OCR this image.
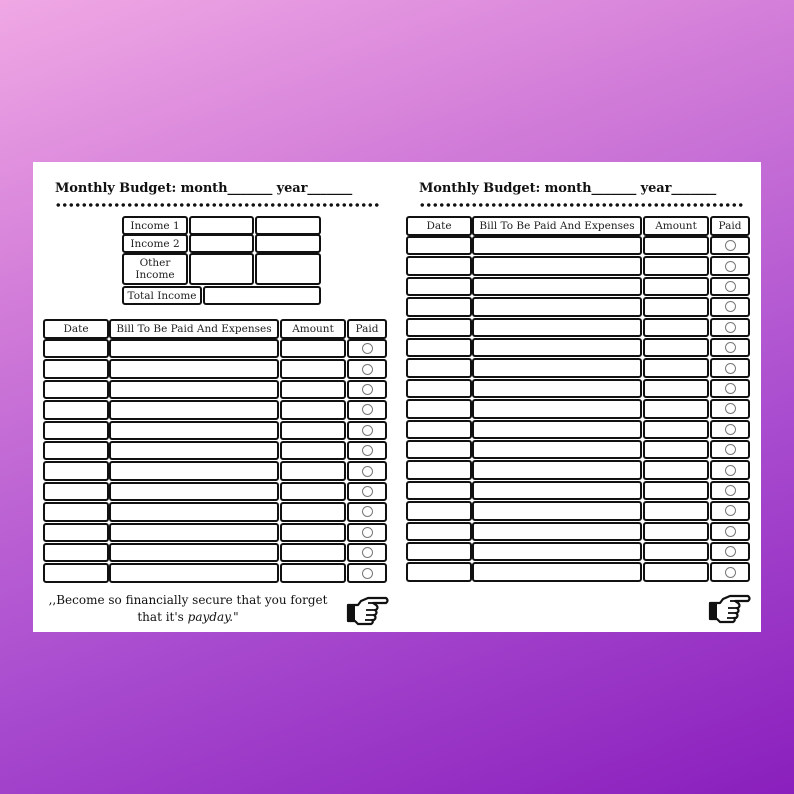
Monthly Budget: month_______ year_______
Income 1
Income 2
Other Income
Total Income
Date	Bill To Be Paid And Expenses	Amount	Paid
,,Become so financially secure that you forget
that it's payday."
Monthly Budget: month_______ year_______
Date	Bill To Be Paid And Expenses	Amount	Paid
